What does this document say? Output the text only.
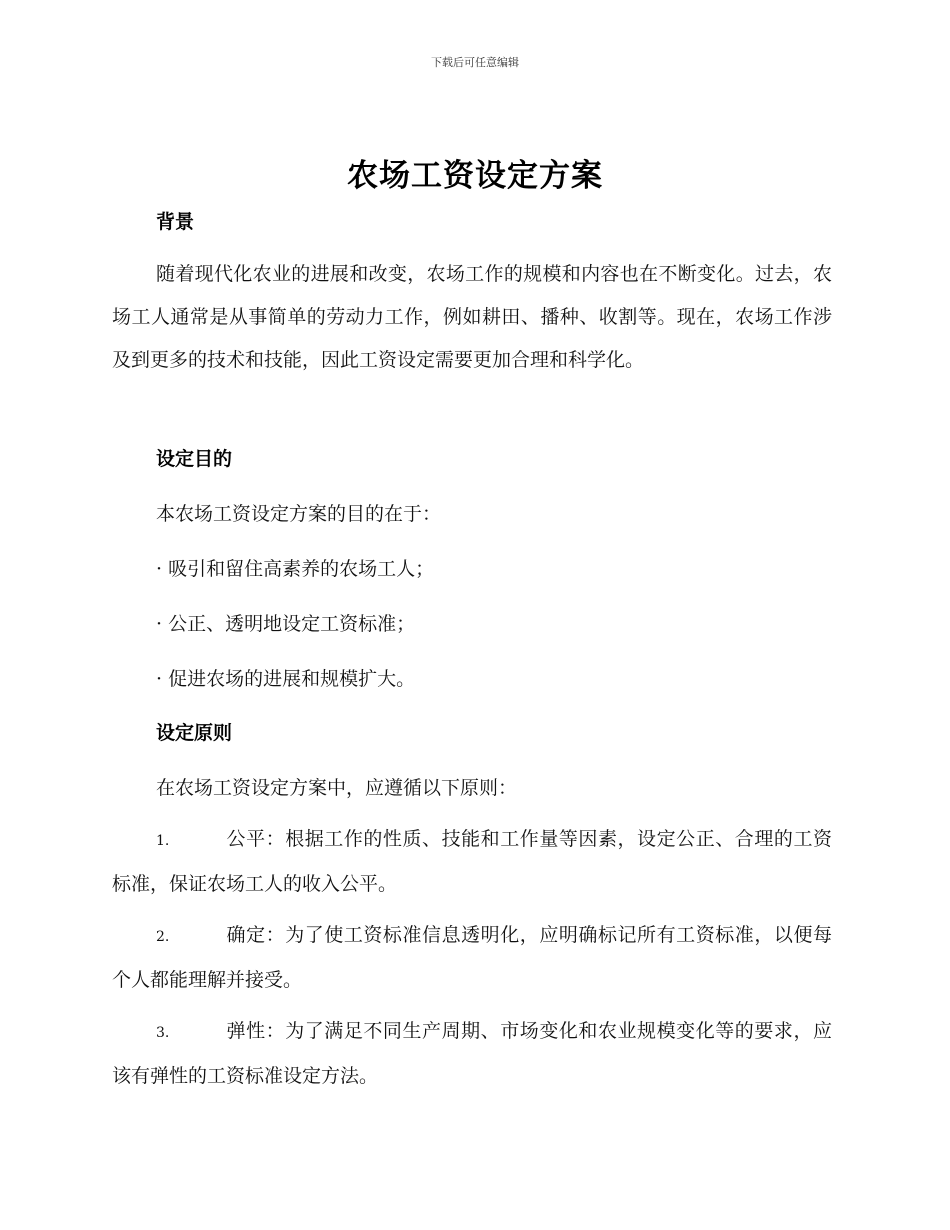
下载后可任意编辑
农场工资设定方案
背景
随着现代化农业的进展和改变，农场工作的规模和内容也在不断变化。过去，农场工人通常是从事简单的劳动力工作，例如耕田、播种、收割等。现在，农场工作涉及到更多的技术和技能，因此工资设定需要更加合理和科学化。
设定目的
本农场工资设定方案的目的在于：
· 吸引和留住高素养的农场工人；
· 公正、透明地设定工资标准；
· 促进农场的进展和规模扩大。
设定原则
在农场工资设定方案中，应遵循以下原则：
1.	公平：根据工作的性质、技能和工作量等因素，设定公正、合理的工资标准，保证农场工人的收入公平。
2.	确定：为了使工资标准信息透明化，应明确标记所有工资标准，以便每个人都能理解并接受。
3.	弹性：为了满足不同生产周期、市场变化和农业规模变化等的要求，应该有弹性的工资标准设定方法。
